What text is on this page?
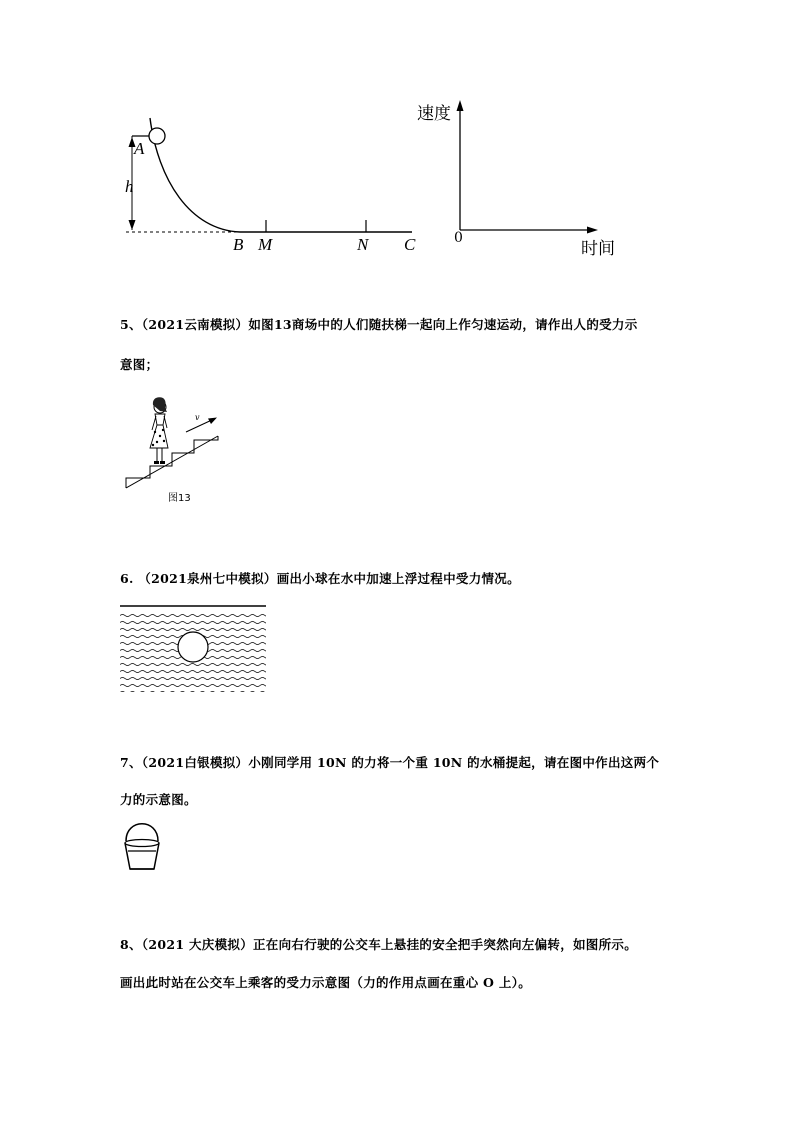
A
h
B M	N C
速度
0
时间
5、（2021云南模拟）如图13商场中的人们随扶梯一起向上作匀速运动，请作出人的受力示
意图；
v
图13
6. （2021泉州七中模拟）画出小球在水中加速上浮过程中受力情况。
7、（2021白银模拟）小刚同学用 10N 的力将一个重 10N 的水桶提起，请在图中作出这两个
力的示意图。
8、（2021 大庆模拟）正在向右行驶的公交车上悬挂的安全把手突然向左偏转，如图所示。
画出此时站在公交车上乘客的受力示意图（力的作用点画在重心 O 上）。
